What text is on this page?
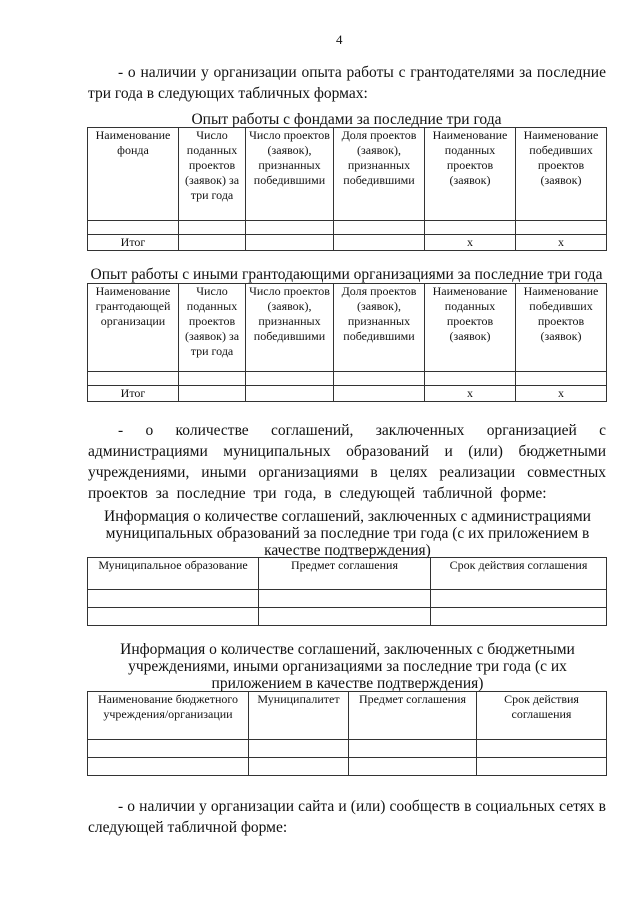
4
- о наличии у организации опыта работы с грантодателями за последние
три года в следующих табличных формах:
Опыт работы с фондами за последние три года
Наименование фонда	Число поданных проектов (заявок) за три года	Число проектов (заявок), признанных победившими	Доля проектов (заявок), признанных победившими	Наименование поданных проектов (заявок)	Наименование победивших проектов (заявок)

Итог				x	x
Опыт работы с иными грантодающими организациями за последние три года
Наименование грантодающей организации	Число поданных проектов (заявок) за три года	Число проектов (заявок), признанных победившими	Доля проектов (заявок), признанных победившими	Наименование поданных проектов (заявок)	Наименование победивших проектов (заявок)

Итог				x	x
- о количестве соглашений, заключенных организацией с администрациями муниципальных образований и (или) бюджетными учреждениями, иными организациями в целях реализации совместных проектов за последние три года, в следующей табличной форме:
Информация о количестве соглашений, заключенных с администрациями муниципальных образований за последние три года (с их приложением в качестве подтверждения)
Муниципальное образование	Предмет соглашения	Срок действия соглашения

Информация о количестве соглашений, заключенных с бюджетными учреждениями, иными организациями за последние три года (с их приложением в качестве подтверждения)
Наименование бюджетного учреждения/организации	Муниципалитет	Предмет соглашения	Срок действия соглашения

- о наличии у организации сайта и (или) сообществ в социальных сетях в следующей табличной форме:
